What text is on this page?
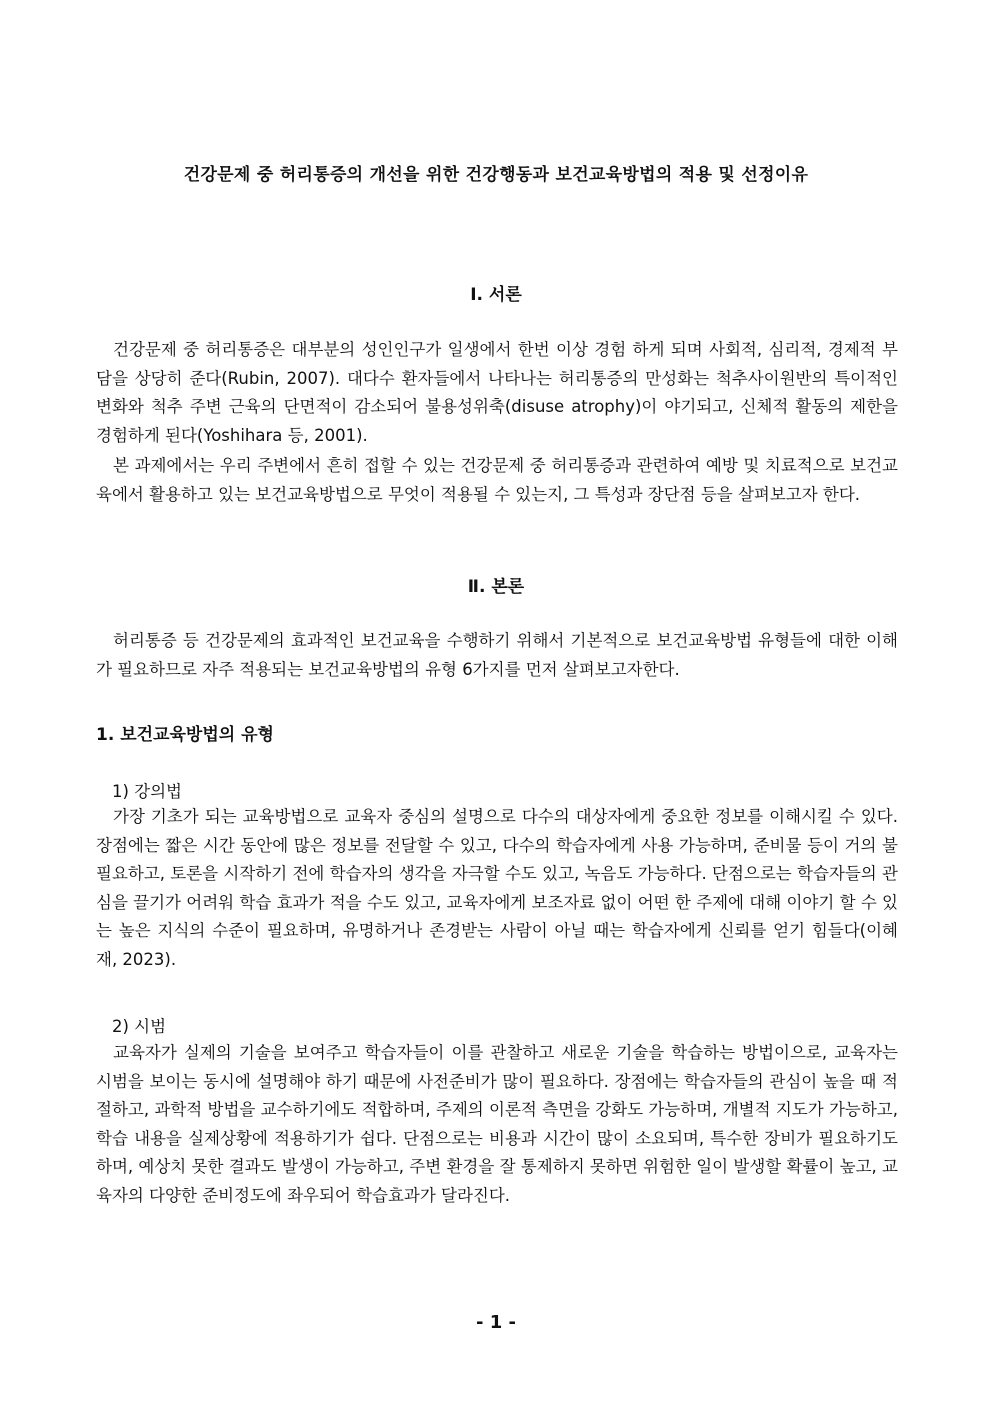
건강문제 중 허리통증의 개선을 위한 건강행동과 보건교육방법의 적용 및 선정이유
Ⅰ. 서론
건강문제 중 허리통증은 대부분의 성인인구가 일생에서 한번 이상 경험 하게 되며 사회적, 심리적, 경제적 부담을 상당히 준다(Rubin, 2007). 대다수 환자들에서 나타나는 허리통증의 만성화는 척추사이원반의 특이적인 변화와 척추 주변 근육의 단면적이 감소되어 불용성위축(disuse atrophy)이 야기되고, 신체적 활동의 제한을 경험하게 된다(Yoshihara 등, 2001).
본 과제에서는 우리 주변에서 흔히 접할 수 있는 건강문제 중 허리통증과 관련하여 예방 및 치료적으로 보건교육에서 활용하고 있는 보건교육방법으로 무엇이 적용될 수 있는지, 그 특성과 장단점 등을 살펴보고자 한다.
Ⅱ. 본론
허리통증 등 건강문제의 효과적인 보건교육을 수행하기 위해서 기본적으로 보건교육방법 유형들에 대한 이해가 필요하므로 자주 적용되는 보건교육방법의 유형 6가지를 먼저 살펴보고자한다.
1. 보건교육방법의 유형
1) 강의법
가장 기초가 되는 교육방법으로 교육자 중심의 설명으로 다수의 대상자에게 중요한 정보를 이해시킬 수 있다. 장점에는 짧은 시간 동안에 많은 정보를 전달할 수 있고, 다수의 학습자에게 사용 가능하며, 준비물 등이 거의 불필요하고, 토론을 시작하기 전에 학습자의 생각을 자극할 수도 있고, 녹음도 가능하다. 단점으로는 학습자들의 관심을 끌기가 어려워 학습 효과가 적을 수도 있고, 교육자에게 보조자료 없이 어떤 한 주제에 대해 이야기 할 수 있는 높은 지식의 수준이 필요하며, 유명하거나 존경받는 사람이 아닐 때는 학습자에게 신뢰를 얻기 힘들다(이혜재, 2023).
2) 시범
교육자가 실제의 기술을 보여주고 학습자들이 이를 관찰하고 새로운 기술을 학습하는 방법이으로, 교육자는 시범을 보이는 동시에 설명해야 하기 때문에 사전준비가 많이 필요하다. 장점에는 학습자들의 관심이 높을 때 적절하고, 과학적 방법을 교수하기에도 적합하며, 주제의 이론적 측면을 강화도 가능하며, 개별적 지도가 가능하고, 학습 내용을 실제상황에 적용하기가 쉽다. 단점으로는 비용과 시간이 많이 소요되며, 특수한 장비가 필요하기도 하며, 예상치 못한 결과도 발생이 가능하고, 주변 환경을 잘 통제하지 못하면 위험한 일이 발생할 확률이 높고, 교육자의 다양한 준비정도에 좌우되어 학습효과가 달라진다.
- 1 -
